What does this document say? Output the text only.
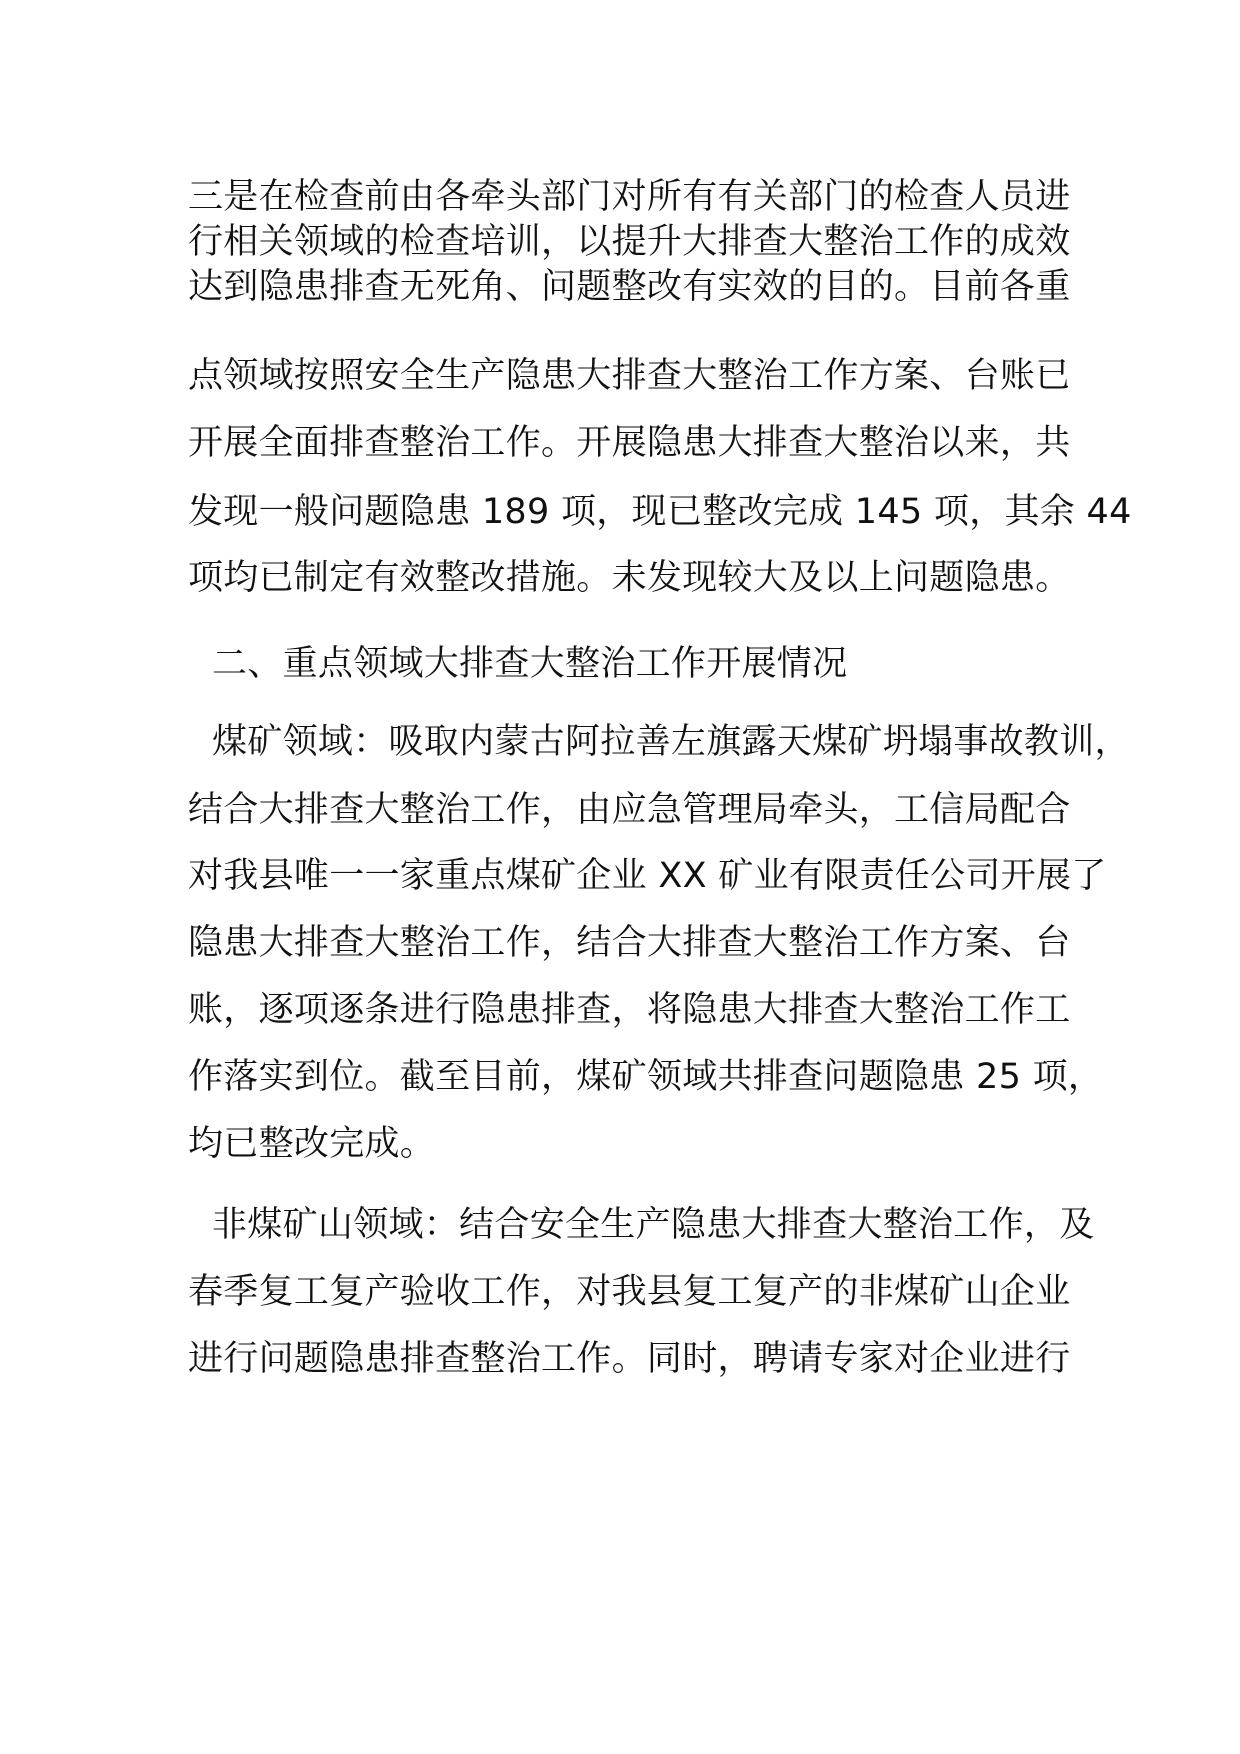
三是在检查前由各牵头部门对所有有关部门的检查人员进
行相关领域的检查培训，以提升大排查大整治工作的成效
达到隐患排查无死角、问题整改有实效的目的。目前各重
点领域按照安全生产隐患大排查大整治工作方案、台账已
开展全面排查整治工作。开展隐患大排查大整治以来，共
发现一般问题隐患 189 项，现已整改完成 145 项，其余 44
项均已制定有效整改措施。未发现较大及以上问题隐患。
二、重点领域大排查大整治工作开展情况
煤矿领域：吸取内蒙古阿拉善左旗露天煤矿坍塌事故教训，
结合大排查大整治工作，由应急管理局牵头，工信局配合
对我县唯一一家重点煤矿企业 XX 矿业有限责任公司开展了
隐患大排查大整治工作，结合大排查大整治工作方案、台
账，逐项逐条进行隐患排查，将隐患大排查大整治工作工
作落实到位。截至目前，煤矿领域共排查问题隐患 25 项，
均已整改完成。
非煤矿山领域：结合安全生产隐患大排查大整治工作，及
春季复工复产验收工作，对我县复工复产的非煤矿山企业
进行问题隐患排查整治工作。同时，聘请专家对企业进行
